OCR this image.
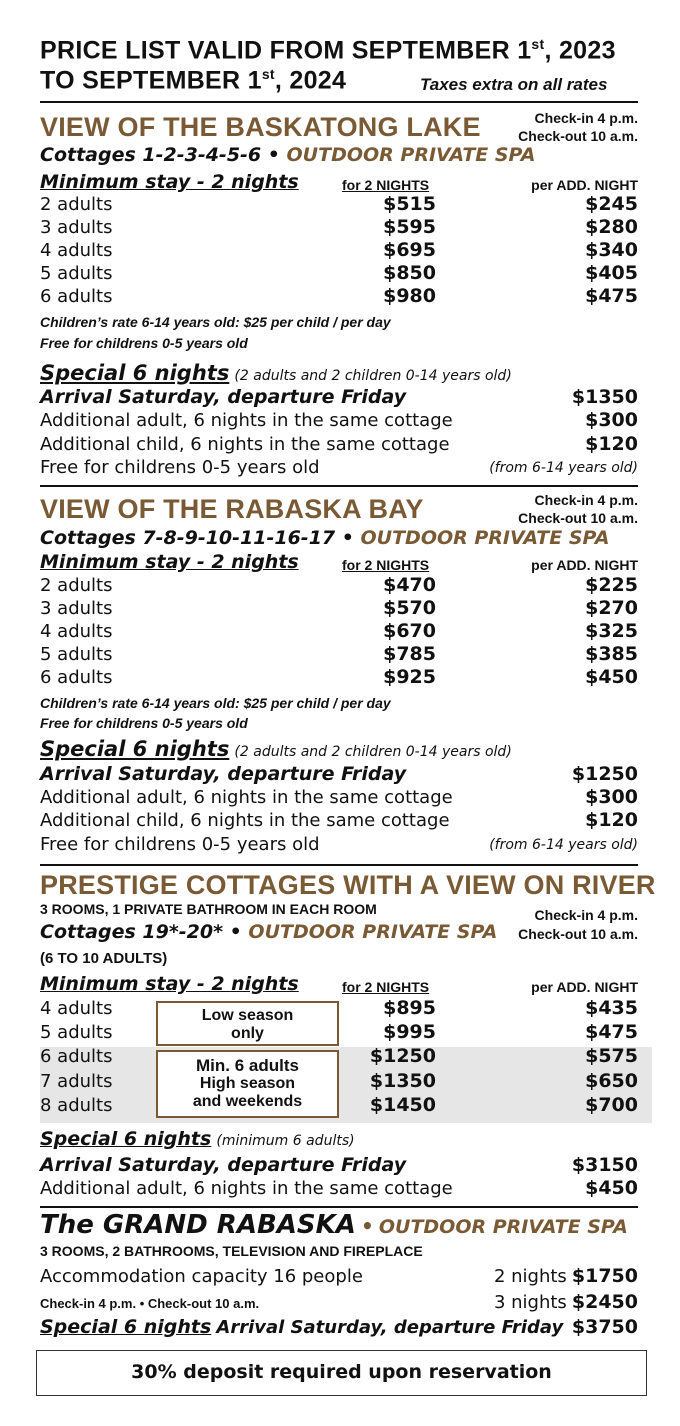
PRICE LIST VALID FROM SEPTEMBER 1st, 2023
TO SEPTEMBER 1st, 2024	Taxes extra on all rates
VIEW OF THE BASKATONG LAKE	Check-in 4 p.m.
Check-out 10 a.m.
Cottages 1-2-3-4-5-6 • OUTDOOR PRIVATE SPA
Minimum stay - 2 nights	for 2 NIGHTS	per ADD. NIGHT
2 adults	$515	$245
3 adults	$595	$280
4 adults	$695	$340
5 adults	$850	$405
6 adults	$980	$475
Children’s rate 6-14 years old: $25 per child / per day
Free for childrens 0-5 years old
Special 6 nights (2 adults and 2 children 0-14 years old)
Arrival Saturday, departure Friday	$1350
Additional adult, 6 nights in the same cottage	$300
Additional child, 6 nights in the same cottage	$120
Free for childrens 0-5 years old	(from 6-14 years old)
VIEW OF THE RABASKA BAY	Check-in 4 p.m.
Check-out 10 a.m.
Cottages 7-8-9-10-11-16-17 • OUTDOOR PRIVATE SPA
Minimum stay - 2 nights	for 2 NIGHTS	per ADD. NIGHT
2 adults	$470	$225
3 adults	$570	$270
4 adults	$670	$325
5 adults	$785	$385
6 adults	$925	$450
Children’s rate 6-14 years old: $25 per child / per day
Free for childrens 0-5 years old
Special 6 nights (2 adults and 2 children 0-14 years old)
Arrival Saturday, departure Friday	$1250
Additional adult, 6 nights in the same cottage	$300
Additional child, 6 nights in the same cottage	$120
Free for childrens 0-5 years old	(from 6-14 years old)
PRESTIGE COTTAGES WITH A VIEW ON RIVER
3 ROOMS, 1 PRIVATE BATHROOM IN EACH ROOM	Check-in 4 p.m.
Check-out 10 a.m.
Cottages 19*-20* • OUTDOOR PRIVATE SPA
(6 TO 10 ADULTS)
Minimum stay - 2 nights	for 2 NIGHTS	per ADD. NIGHT
4 adults	$895	$435
5 adults	$995	$475
6 adults	$1250	$575
7 adults	$1350	$650
8 adults	$1450	$700
Low season
only
Min. 6 adults
High season
and weekends
Special 6 nights (minimum 6 adults)
Arrival Saturday, departure Friday	$3150
Additional adult, 6 nights in the same cottage	$450
The GRAND RABASKA • OUTDOOR PRIVATE SPA
3 ROOMS, 2 BATHROOMS, TELEVISION AND FIREPLACE
Accommodation capacity 16 people	2 nights $1750
Check-in 4 p.m. • Check-out 10 a.m.	3 nights $2450
Special 6 nights Arrival Saturday, departure Friday $3750
30% deposit required upon reservation
